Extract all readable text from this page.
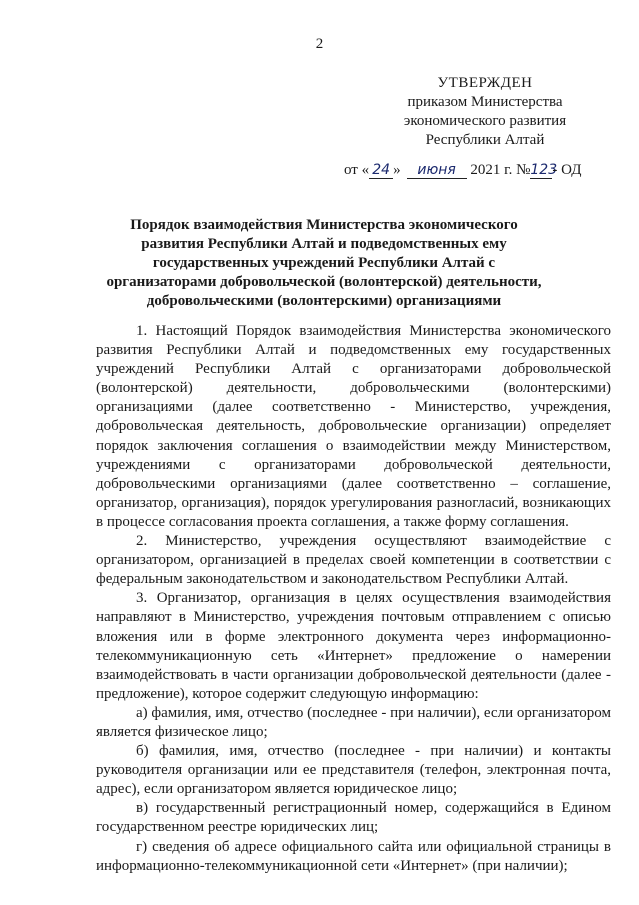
2
УТВЕРЖДЕН
приказом Министерства
экономического развития
Республики Алтай
от « 24 » июня 2021 г. №123- ОД
Порядок взаимодействия Министерства экономического развития Республики Алтай и подведомственных ему государственных учреждений Республики Алтай с организаторами добровольческой (волонтерской) деятельности, добровольческими (волонтерскими) организациями

1. Настоящий Порядок взаимодействия Министерства экономического развития Республики Алтай и подведомственных ему государственных учреждений Республики Алтай с организаторами добровольческой (волонтерской) деятельности, добровольческими (волонтерскими) организациями (далее соответственно - Министерство, учреждения, добровольческая деятельность, добровольческие организации) определяет порядок заключения соглашения о взаимодействии между Министерством, учреждениями с организаторами добровольческой деятельности, добровольческими организациями (далее соответственно – соглашение, организатор, организация), порядок урегулирования разногласий, возникающих в процессе согласования проекта соглашения, а также форму соглашения.

2. Министерство, учреждения осуществляют взаимодействие с организатором, организацией в пределах своей компетенции в соответствии с федеральным законодательством и законодательством Республики Алтай.

3. Организатор, организация в целях осуществления взаимодействия направляют в Министерство, учреждения почтовым отправлением с описью вложения или в форме электронного документа через информационно-телекоммуникационную сеть «Интернет» предложение о намерении взаимодействовать в части организации добровольческой деятельности (далее - предложение), которое содержит следующую информацию:

а) фамилия, имя, отчество (последнее - при наличии), если организатором является физическое лицо;

б) фамилия, имя, отчество (последнее - при наличии) и контакты руководителя организации или ее представителя (телефон, электронная почта, адрес), если организатором является юридическое лицо;

в) государственный регистрационный номер, содержащийся в Едином государственном реестре юридических лиц;

г) сведения об адресе официального сайта или официальной страницы в информационно-телекоммуникационной сети «Интернет» (при наличии);
